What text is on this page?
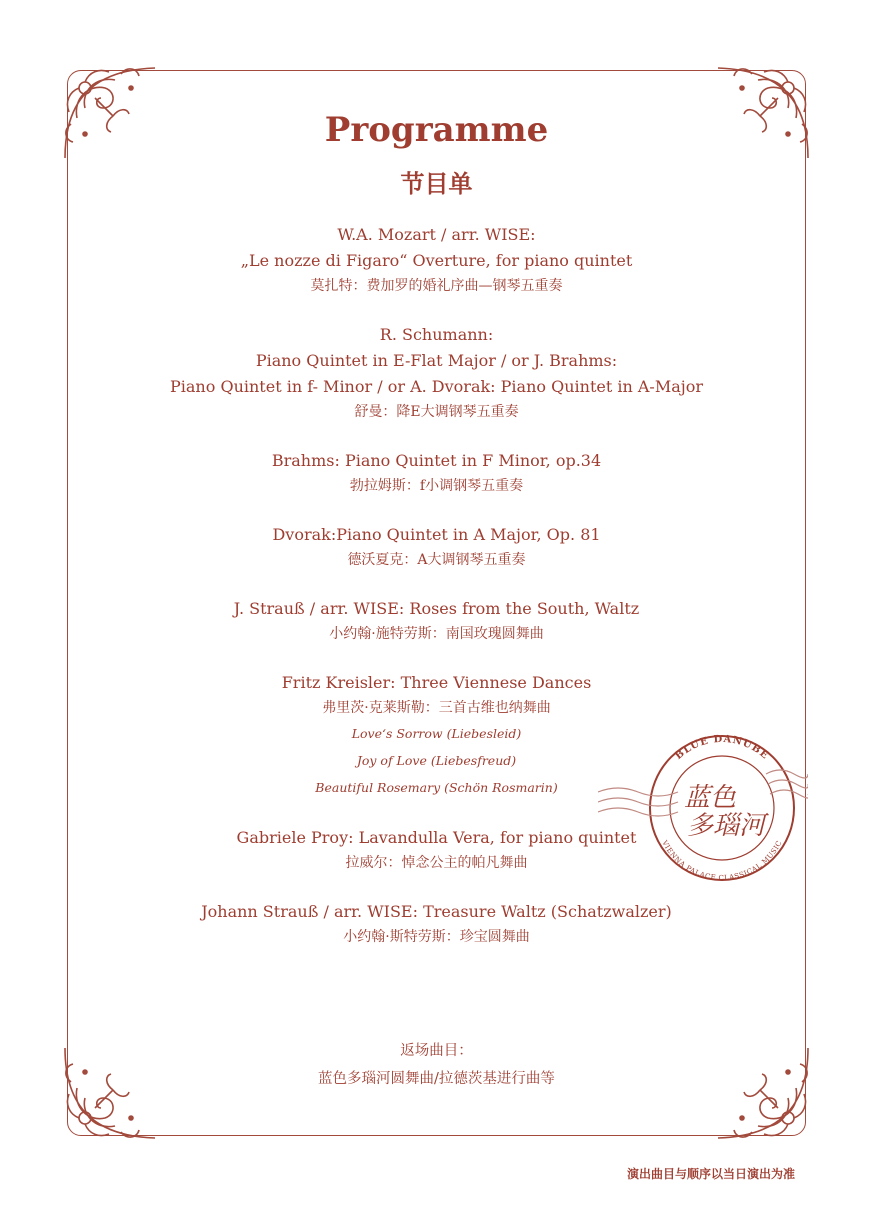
Programme
节目单
W.A. Mozart / arr. WISE:
„Le nozze di Figaro“ Overture, for piano quintet
莫扎特：费加罗的婚礼序曲—钢琴五重奏
R. Schumann:
Piano Quintet in E-Flat Major / or J. Brahms:
Piano Quintet in f- Minor / or A. Dvorak: Piano Quintet in A-Major
舒曼：降E大调钢琴五重奏
Brahms: Piano Quintet in F Minor, op.34
勃拉姆斯：f小调钢琴五重奏
Dvorak:Piano Quintet in A Major, Op. 81
德沃夏克：A大调钢琴五重奏
J. Strauß / arr. WISE: Roses from the South, Waltz
小约翰·施特劳斯：南国玫瑰圆舞曲
Fritz Kreisler: Three Viennese Dances
弗里茨·克莱斯勒：三首古维也纳舞曲
Love‘s Sorrow (Liebesleid)
Joy of Love (Liebesfreud)
Beautiful Rosemary (Schön Rosmarin)
Gabriele Proy: Lavandulla Vera, for piano quintet
拉威尔：悼念公主的帕凡舞曲
Johann Strauß / arr. WISE: Treasure Waltz (Schatzwalzer)
小约翰·斯特劳斯：珍宝圆舞曲
返场曲目：
蓝色多瑙河圆舞曲/拉德茨基进行曲等
BLUE DANUBE
VIENNA PALACE CLASSICAL MUSIC
蓝色
多瑙河
演出曲目与顺序以当日演出为准
